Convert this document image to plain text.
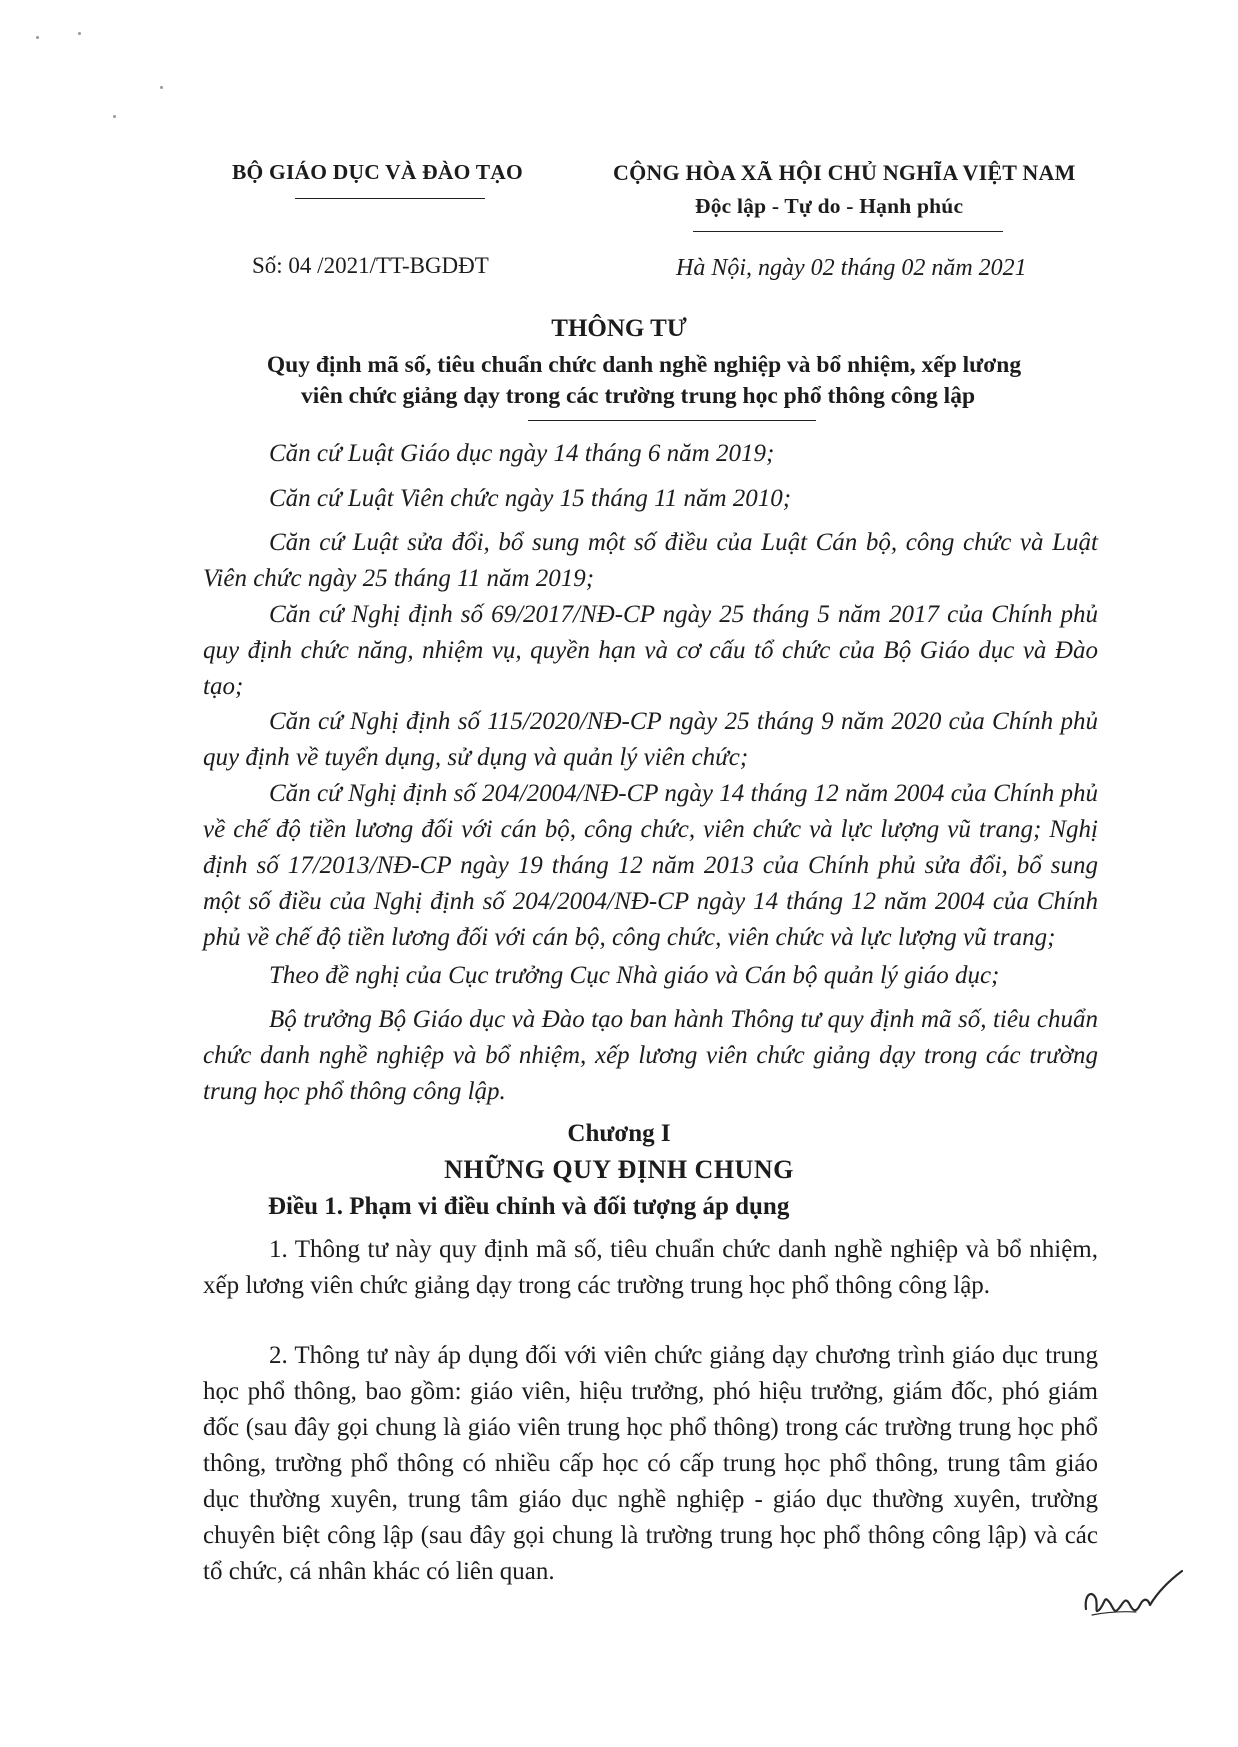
BỘ GIÁO DỤC VÀ ĐÀO TẠO	CỘNG HÒA XÃ HỘI CHỦ NGHĨA VIỆT NAM
Độc lập - Tự do - Hạnh phúc
Số: 04 /2021/TT-BGDĐT	Hà Nội, ngày 02 tháng 02 năm 2021
THÔNG TƯ
Quy định mã số, tiêu chuẩn chức danh nghề nghiệp và bổ nhiệm, xếp lương
viên chức giảng dạy trong các trường trung học phổ thông công lập
Căn cứ Luật Giáo dục ngày 14 tháng 6 năm 2019;
Căn cứ Luật Viên chức ngày 15 tháng 11 năm 2010;
Căn cứ Luật sửa đổi, bổ sung một số điều của Luật Cán bộ, công chức và Luật Viên chức ngày 25 tháng 11 năm 2019;
Căn cứ Nghị định số 69/2017/NĐ-CP ngày 25 tháng 5 năm 2017 của Chính phủ quy định chức năng, nhiệm vụ, quyền hạn và cơ cấu tổ chức của Bộ Giáo dục và Đào tạo;
Căn cứ Nghị định số 115/2020/NĐ-CP ngày 25 tháng 9 năm 2020 của Chính phủ quy định về tuyển dụng, sử dụng và quản lý viên chức;
Căn cứ Nghị định số 204/2004/NĐ-CP ngày 14 tháng 12 năm 2004 của Chính phủ về chế độ tiền lương đối với cán bộ, công chức, viên chức và lực lượng vũ trang; Nghị định số 17/2013/NĐ-CP ngày 19 tháng 12 năm 2013 của Chính phủ sửa đổi, bổ sung một số điều của Nghị định số 204/2004/NĐ-CP ngày 14 tháng 12 năm 2004 của Chính phủ về chế độ tiền lương đối với cán bộ, công chức, viên chức và lực lượng vũ trang;
Theo đề nghị của Cục trưởng Cục Nhà giáo và Cán bộ quản lý giáo dục;
Bộ trưởng Bộ Giáo dục và Đào tạo ban hành Thông tư quy định mã số, tiêu chuẩn chức danh nghề nghiệp và bổ nhiệm, xếp lương viên chức giảng dạy trong các trường trung học phổ thông công lập.
Chương I
NHỮNG QUY ĐỊNH CHUNG
Điều 1. Phạm vi điều chỉnh và đối tượng áp dụng
1. Thông tư này quy định mã số, tiêu chuẩn chức danh nghề nghiệp và bổ nhiệm, xếp lương viên chức giảng dạy trong các trường trung học phổ thông công lập.
2. Thông tư này áp dụng đối với viên chức giảng dạy chương trình giáo dục trung học phổ thông, bao gồm: giáo viên, hiệu trưởng, phó hiệu trưởng, giám đốc, phó giám đốc (sau đây gọi chung là giáo viên trung học phổ thông) trong các trường trung học phổ thông, trường phổ thông có nhiều cấp học có cấp trung học phổ thông, trung tâm giáo dục thường xuyên, trung tâm giáo dục nghề nghiệp - giáo dục thường xuyên, trường chuyên biệt công lập (sau đây gọi chung là trường trung học phổ thông công lập) và các tổ chức, cá nhân khác có liên quan.
